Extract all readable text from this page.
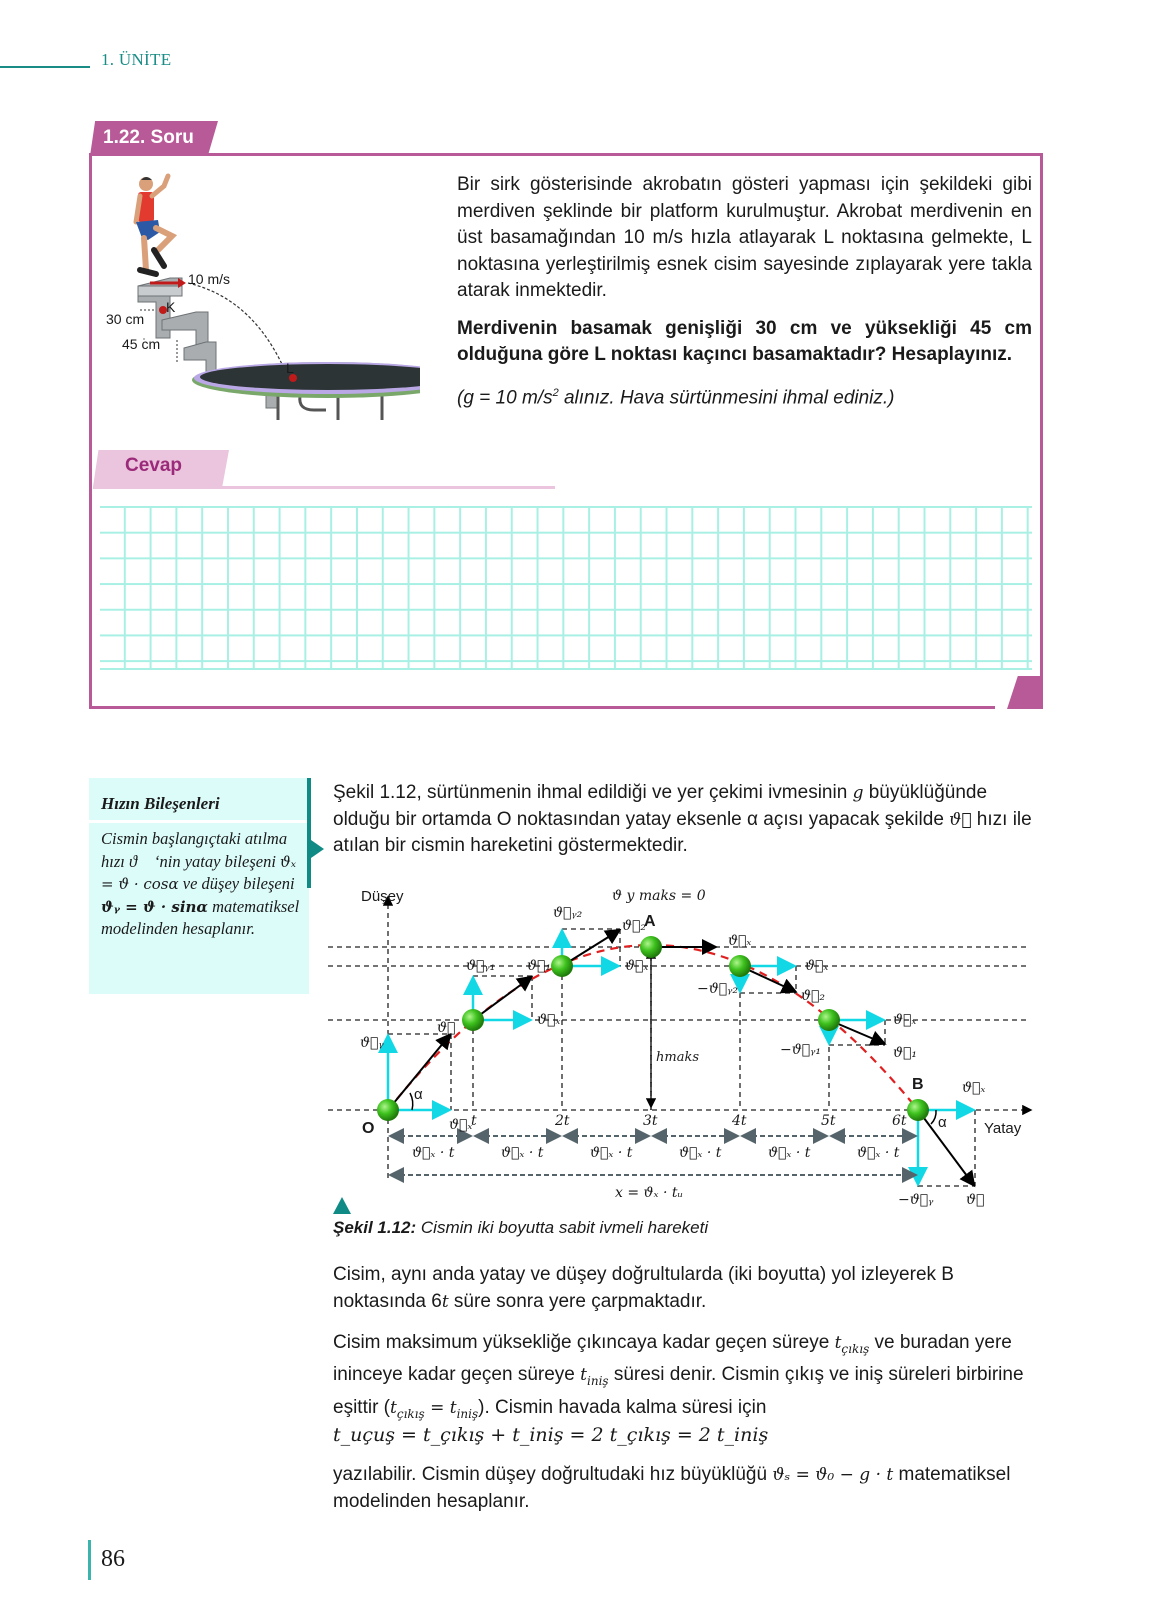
1. ÜNİTE
1.22. Soru
10 m/s
K
L
30 cm
45 cm

Bir sirk gösterisinde akrobatın gösteri yapması için şekildeki gibi merdiven şeklinde bir platform kurulmuştur. Akrobat merdivenin en üst basamağından 10 m/s hızla atlayarak L noktasına gelmekte, L noktasına yerleştirilmiş esnek cisim sayesinde zıplayarak yere takla atarak inmektedir.

Merdivenin basamak genişliği 30 cm ve yüksekliği 45 cm olduğuna göre L noktası kaçıncı basamaktadır? Hesaplayınız.

(g = 10 $m/s^2$ alınız. Hava sürtünmesini ihmal ediniz.)

Cevap
Hızın Bileşenleri
Cismin başlangıçtaki atılma hızı ϑ⃗ ‘nin yatay bileşeni ϑₓ = ϑ · cosα ve düşey bileşeni ϑᵧ = ϑ · sinα matematiksel modelinden hesaplanır.
Şekil 1.12, sürtünmenin ihmal edildiği ve yer çekimi ivmesinin g büyüklüğünde olduğu bir ortamda O noktasından yatay eksenle α açısı yapacak şekilde ϑ⃗ hızı ile atılan bir cismin hareketini göstermektedir.
Düşey
Yatay
O
A
B
ϑ y maks = 0
hmaks
α
α
t	2t	3t	4t	5t	6t
ϑ⃗ₓ · t	ϑ⃗ₓ · t	ϑ⃗ₓ · t	ϑ⃗ₓ · t	ϑ⃗ₓ · t	ϑ⃗ₓ · t
x = ϑₓ · tᵤ
ϑ⃗ᵧ
ϑ⃗
ϑ⃗ₓ
ϑ⃗ᵧ₁ ϑ⃗₁
ϑ⃗ₓ
ϑ⃗ᵧ₂
ϑ⃗₂
ϑ⃗ₓ
ϑ⃗ₓ
ϑ⃗ₓ
−ϑ⃗ᵧ₂	ϑ⃗₂
ϑ⃗ₓ
−ϑ⃗ᵧ₁	ϑ⃗₁
ϑ⃗ₓ
−ϑ⃗ᵧ ϑ⃗
Şekil 1.12: Cismin iki boyutta sabit ivmeli hareketi
Cisim, aynı anda yatay ve düşey doğrultularda (iki boyutta) yol izleyerek B noktasında 6t süre sonra yere çarpmaktadır.
Cisim maksimum yüksekliğe çıkıncaya kadar geçen süreye $t_{çıkış}$ ve buradan yere ininceye kadar geçen süreye $t_{iniş}$ süresi denir. Cismin çıkış ve iniş süreleri birbirine eşittir $(t_{çıkış} = t_{iniş})$. Cismin havada kalma süresi için
t_uçuş = t_çıkış + t_iniş = 2 t_çıkış = 2 t_iniş
yazılabilir. Cismin düşey doğrultudaki hız büyüklüğü ϑₛ = ϑ₀ − g · t matematiksel modelinden hesaplanır.
86
